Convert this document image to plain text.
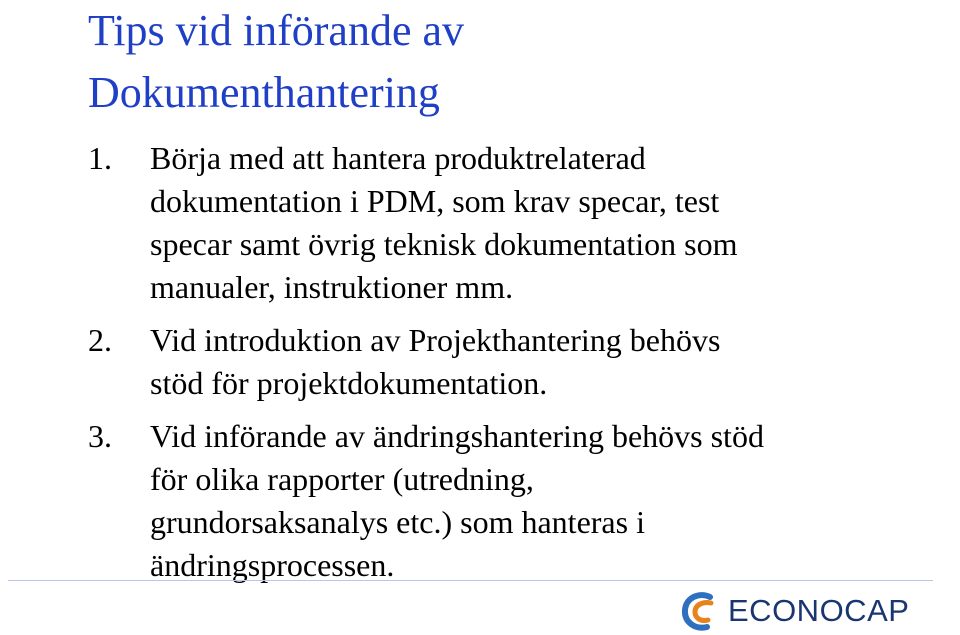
Tips vid införande av
Dokumenthantering
1. Börja med att hantera produktrelaterad
dokumentation i PDM, som krav specar, test
specar samt övrig teknisk dokumentation som
manualer, instruktioner mm.
2. Vid introduktion av Projekthantering behövs
stöd för projektdokumentation.
3. Vid införande av ändringshantering behövs stöd
för olika rapporter (utredning,
grundorsaksanalys etc.) som hanteras i
ändringsprocessen.
ECONOCAP
